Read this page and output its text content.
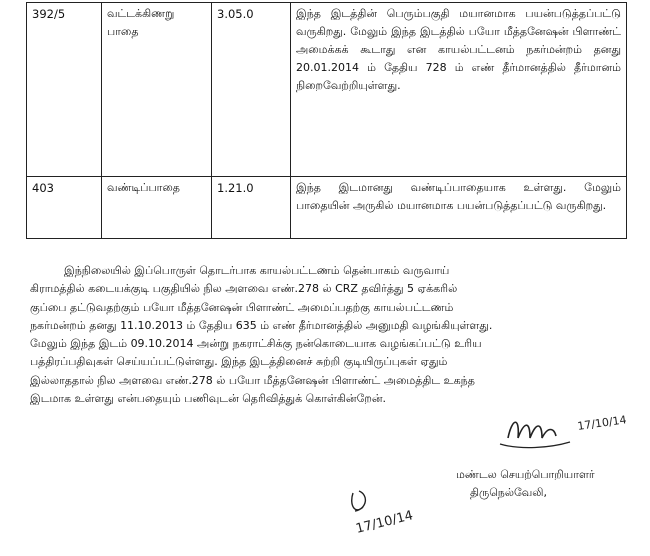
392/5	வட்டக்கிணறு பாதை	3.05.0	இந்த இடத்தின் பெரும்பகுதி மயானமாக பயன்படுத்தப்பட்டு வருகிறது. மேலும் இந்த இடத்தில் பயோ மீத்தனேஷன் பிளாண்ட் அமைக்கக் கூடாது என காயல்பட்டனம் நகர்மன்றம் தனது 20.01.2014 ம் தேதிய 728 ம் எண் தீர்மானத்தில் தீர்மானம் நிறைவேற்றியுள்ளது.
403	வண்டிப்பாதை	1.21.0	இந்த இடமானது வண்டிப்பாதையாக உள்ளது. மேலும் பாதையின் அருகில் மயானமாக பயன்படுத்தப்பட்டு வருகிறது.
இந்நிலையில் இப்பொருள் தொடர்பாக காயல்பட்டணம் தென்பாகம் வருவாய்
கிராமத்தில் கடையக்குடி பகுதியில் நில அளவை எண்.278 ல் CRZ தவிர்த்து 5 ஏக்கரில்
குப்பை தட்டுவதற்கும் பயோ மீத்தனேஷன் பிளாண்ட் அமைப்பதற்கு காயல்பட்டணம்
நகர்மன்றம் தனது 11.10.2013 ம் தேதிய 635 ம் எண் தீர்மானத்தில் அனுமதி வழங்கியுள்ளது.
மேலும் இந்த இடம் 09.10.2014 அன்று நகராட்சிக்கு நன்கொடையாக வழங்கப்பட்டு உரிய
பத்திரப்பதிவுகள் செய்யப்பட்டுள்ளது. இந்த இடத்தினைச் சுற்றி குடியிருப்புகள் ஏதும்
இல்லாததால் நில அளவை எண்.278 ல் பயோ மீத்தனேஷன் பிளாண்ட் அமைத்திட உகந்த
இடமாக உள்ளது என்பதையும் பணிவுடன் தெரிவித்துக் கொள்கின்றேன்.
17/10/14
மண்டல செயற்பொறியாளர்
திருநெல்வேலி,
17/10/14
